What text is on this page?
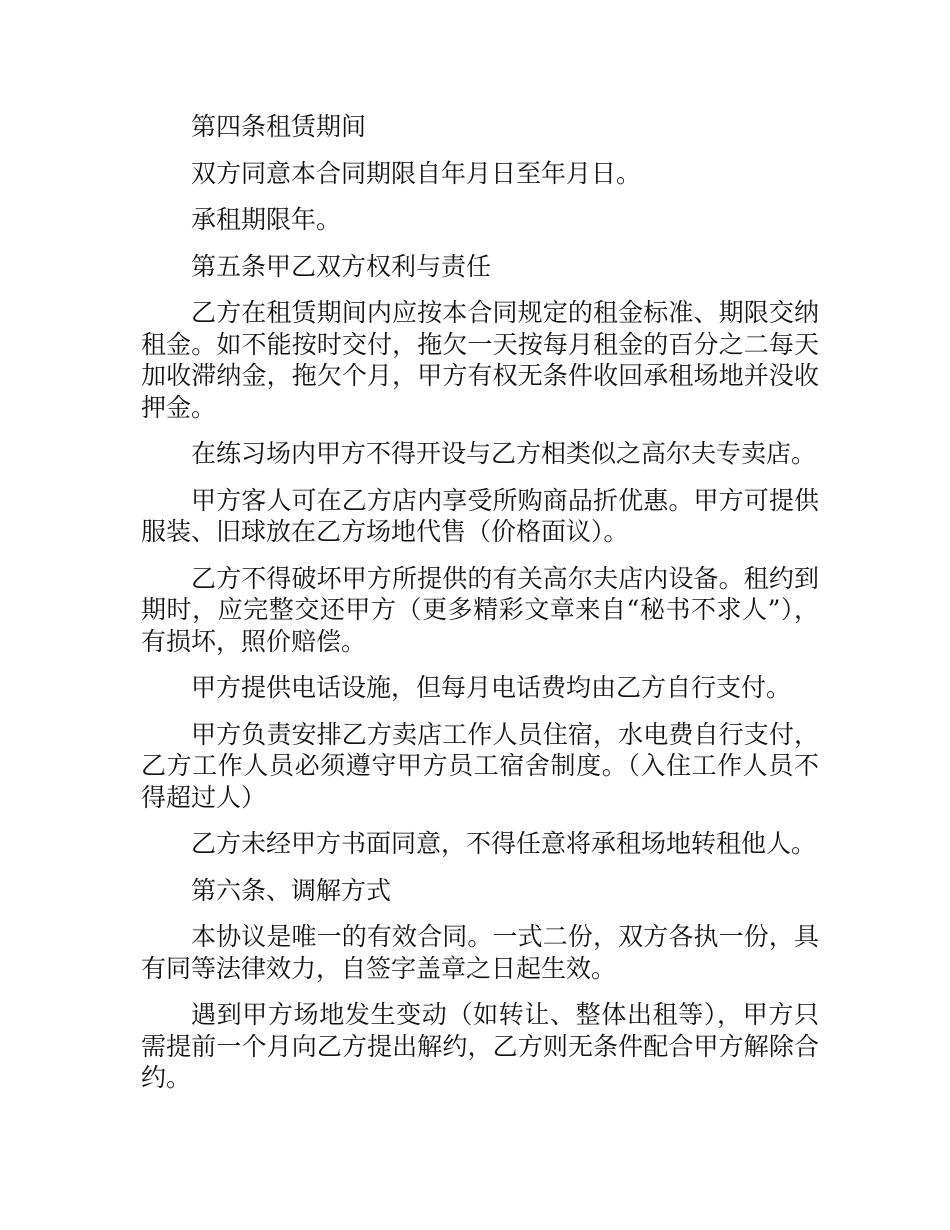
第四条租赁期间

双方同意本合同期限自年月日至年月日。

承租期限年。

第五条甲乙双方权利与责任

乙方在租赁期间内应按本合同规定的租金标准、期限交纳租金。如不能按时交付，拖欠一天按每月租金的百分之二每天加收滞纳金，拖欠个月，甲方有权无条件收回承租场地并没收押金。

在练习场内甲方不得开设与乙方相类似之高尔夫专卖店。

甲方客人可在乙方店内享受所购商品折优惠。甲方可提供服装、旧球放在乙方场地代售（价格面议）。

乙方不得破坏甲方所提供的有关高尔夫店内设备。租约到期时，应完整交还甲方（更多精彩文章来自“秘书不求人”），有损坏，照价赔偿。

甲方提供电话设施，但每月电话费均由乙方自行支付。

甲方负责安排乙方卖店工作人员住宿，水电费自行支付，乙方工作人员必须遵守甲方员工宿舍制度。（入住工作人员不得超过人）

乙方未经甲方书面同意，不得任意将承租场地转租他人。

第六条、调解方式

本协议是唯一的有效合同。一式二份，双方各执一份，具有同等法律效力，自签字盖章之日起生效。

遇到甲方场地发生变动（如转让、整体出租等），甲方只需提前一个月向乙方提出解约，乙方则无条件配合甲方解除合约。
